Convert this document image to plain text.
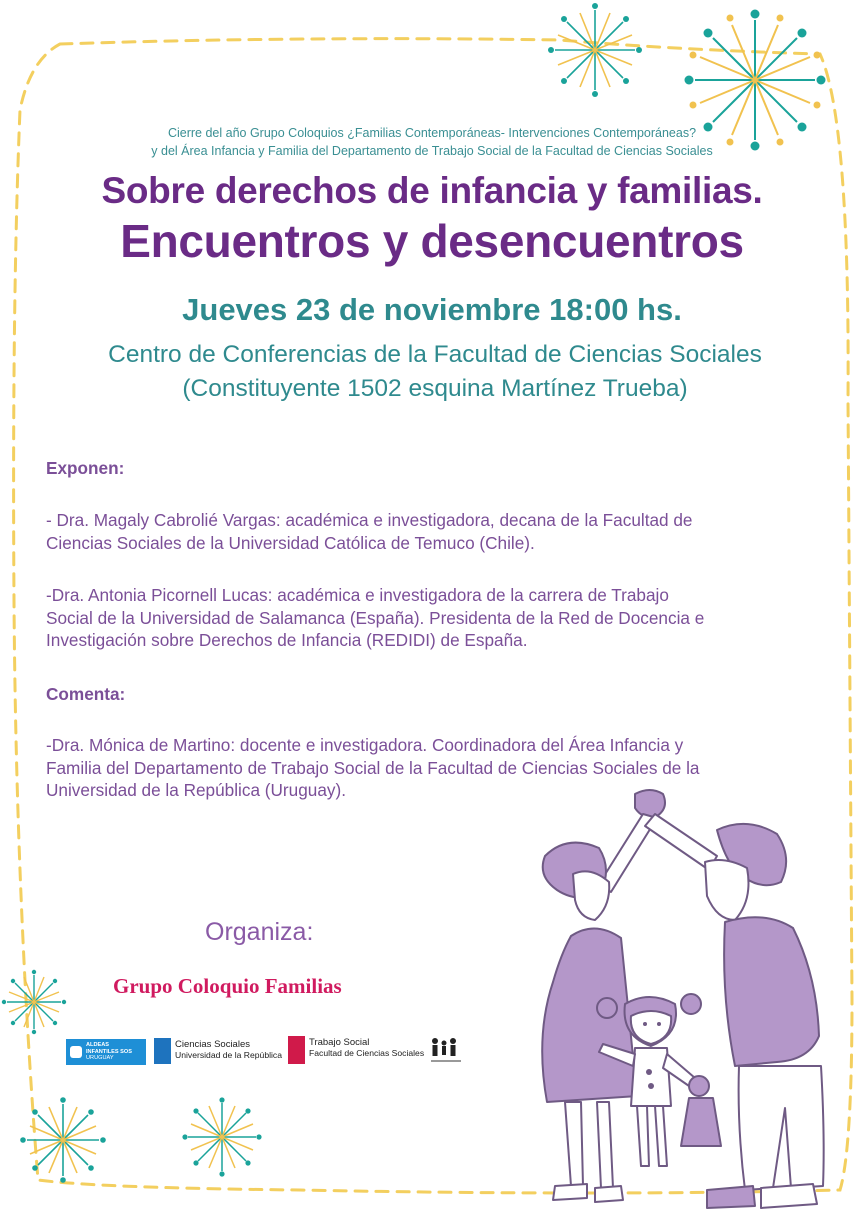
Cierre del año Grupo Coloquios ¿Familias Contemporáneas- Intervenciones Contemporáneas?
y del Área Infancia y Familia del Departamento de Trabajo Social de la Facultad de Ciencias Sociales
Sobre derechos de infancia y familias.
Encuentros y desencuentros
Jueves 23 de noviembre 18:00 hs.
Centro de Conferencias de la Facultad de Ciencias Sociales
(Constituyente 1502 esquina Martínez Trueba)
Exponen:
- Dra. Magaly Cabrolié Vargas: académica e investigadora, decana de la Facultad de
Ciencias Sociales de la Universidad Católica de Temuco (Chile).
-Dra. Antonia Picornell Lucas: académica e investigadora de la carrera de Trabajo
Social de la Universidad de Salamanca (España). Presidenta de la Red de Docencia e
Investigación sobre Derechos de Infancia (REDIDI) de España.
Comenta:
-Dra. Mónica de Martino: docente e investigadora. Coordinadora del Área Infancia y
Familia del Departamento de Trabajo Social de la Facultad de Ciencias Sociales de la
Universidad de la República (Uruguay).
Organiza:
Grupo Coloquio Familias
ALDEAS
INFANTILES SOS
URUGUAY
Ciencias Sociales
Universidad de la República
Trabajo Social
Facultad de Ciencias Sociales
